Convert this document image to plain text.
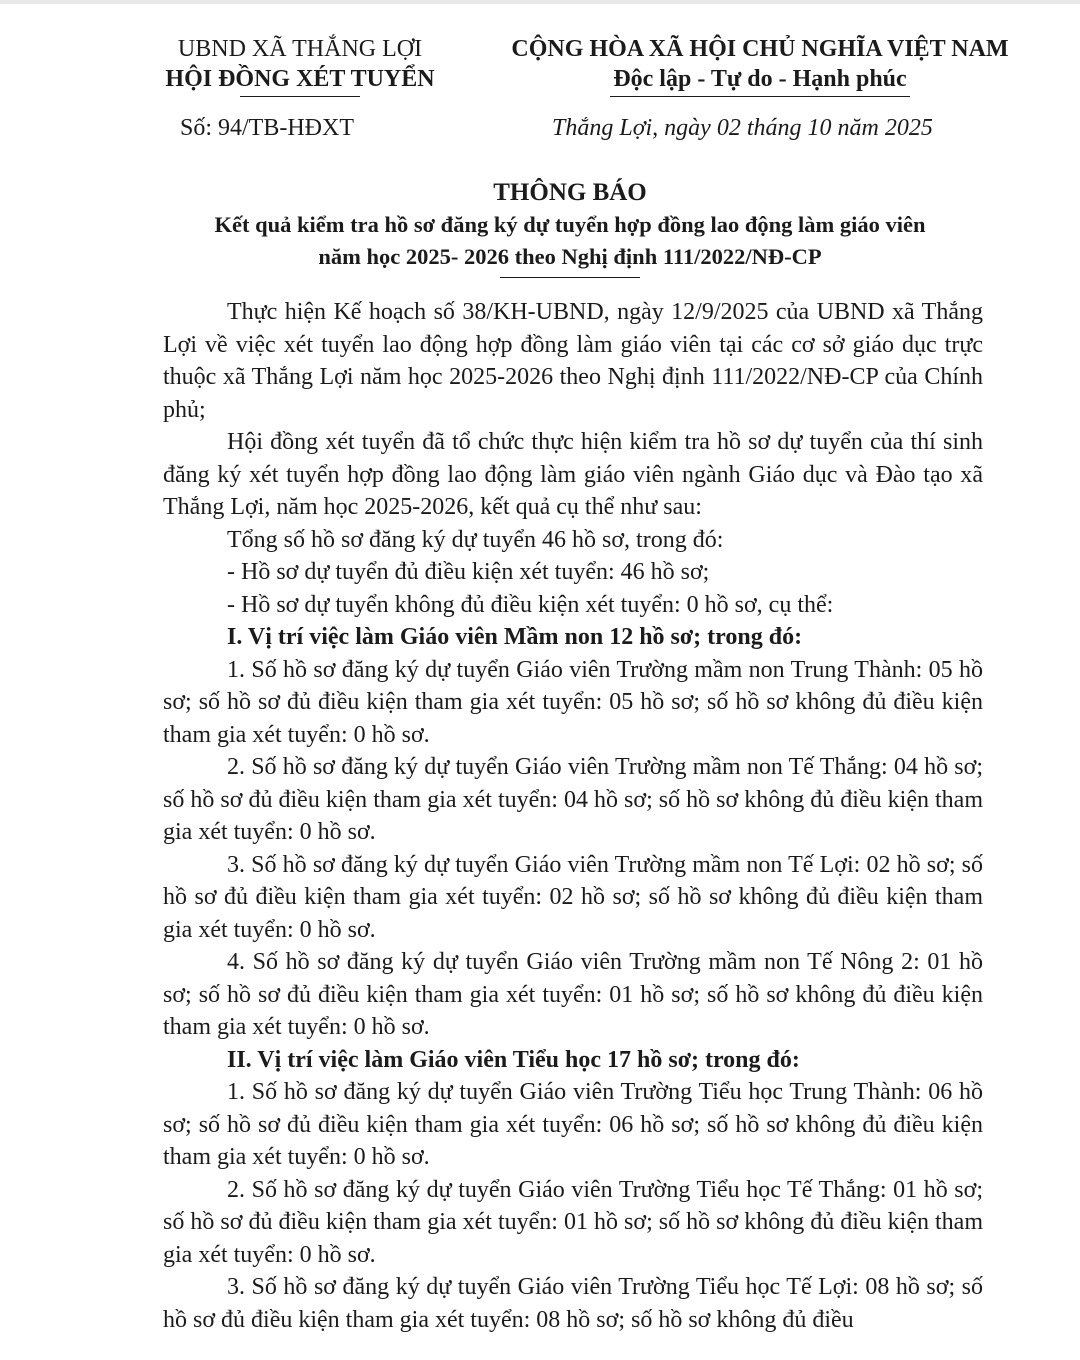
UBND XÃ THẮNG LỢI
HỘI ĐỒNG XÉT TUYỂN
CỘNG HÒA XÃ HỘI CHỦ NGHĨA VIỆT NAM
Độc lập - Tự do - Hạnh phúc
Số: 94/TB-HĐXT	Thắng Lợi, ngày 02 tháng 10 năm 2025
THÔNG BÁO
Kết quả kiểm tra hồ sơ đăng ký dự tuyển hợp đồng lao động làm giáo viên
năm học 2025- 2026 theo Nghị định 111/2022/NĐ-CP

Thực hiện Kế hoạch số 38/KH-UBND, ngày 12/9/2025 của UBND xã Thắng Lợi về việc xét tuyển lao động hợp đồng làm giáo viên tại các cơ sở giáo dục trực thuộc xã Thắng Lợi năm học 2025-2026 theo Nghị định 111/2022/NĐ-CP của Chính phủ;

Hội đồng xét tuyển đã tổ chức thực hiện kiểm tra hồ sơ dự tuyển của thí sinh đăng ký xét tuyển hợp đồng lao động làm giáo viên ngành Giáo dục và Đào tạo xã Thắng Lợi, năm học 2025-2026, kết quả cụ thể như sau:

Tổng số hồ sơ đăng ký dự tuyển 46 hồ sơ, trong đó:

- Hồ sơ dự tuyển đủ điều kiện xét tuyển: 46 hồ sơ;

- Hồ sơ dự tuyển không đủ điều kiện xét tuyển: 0 hồ sơ, cụ thể:

I. Vị trí việc làm Giáo viên Mầm non 12 hồ sơ; trong đó:

1. Số hồ sơ đăng ký dự tuyển Giáo viên Trường mầm non Trung Thành: 05 hồ sơ; số hồ sơ đủ điều kiện tham gia xét tuyển: 05 hồ sơ; số hồ sơ không đủ điều kiện tham gia xét tuyển: 0 hồ sơ.

2. Số hồ sơ đăng ký dự tuyển Giáo viên Trường mầm non Tế Thắng: 04 hồ sơ; số hồ sơ đủ điều kiện tham gia xét tuyển: 04 hồ sơ; số hồ sơ không đủ điều kiện tham gia xét tuyển: 0 hồ sơ.

3. Số hồ sơ đăng ký dự tuyển Giáo viên Trường mầm non Tế Lợi: 02 hồ sơ; số hồ sơ đủ điều kiện tham gia xét tuyển: 02 hồ sơ; số hồ sơ không đủ điều kiện tham gia xét tuyển: 0 hồ sơ.

4. Số hồ sơ đăng ký dự tuyển Giáo viên Trường mầm non Tế Nông 2: 01 hồ sơ; số hồ sơ đủ điều kiện tham gia xét tuyển: 01 hồ sơ; số hồ sơ không đủ điều kiện tham gia xét tuyển: 0 hồ sơ.

II. Vị trí việc làm Giáo viên Tiểu học 17 hồ sơ; trong đó:

1. Số hồ sơ đăng ký dự tuyển Giáo viên Trường Tiểu học Trung Thành: 06 hồ sơ; số hồ sơ đủ điều kiện tham gia xét tuyển: 06 hồ sơ; số hồ sơ không đủ điều kiện tham gia xét tuyển: 0 hồ sơ.

2. Số hồ sơ đăng ký dự tuyển Giáo viên Trường Tiểu học Tế Thắng: 01 hồ sơ; số hồ sơ đủ điều kiện tham gia xét tuyển: 01 hồ sơ; số hồ sơ không đủ điều kiện tham gia xét tuyển: 0 hồ sơ.

3. Số hồ sơ đăng ký dự tuyển Giáo viên Trường Tiểu học Tế Lợi: 08 hồ sơ; số hồ sơ đủ điều kiện tham gia xét tuyển: 08 hồ sơ; số hồ sơ không đủ điều
